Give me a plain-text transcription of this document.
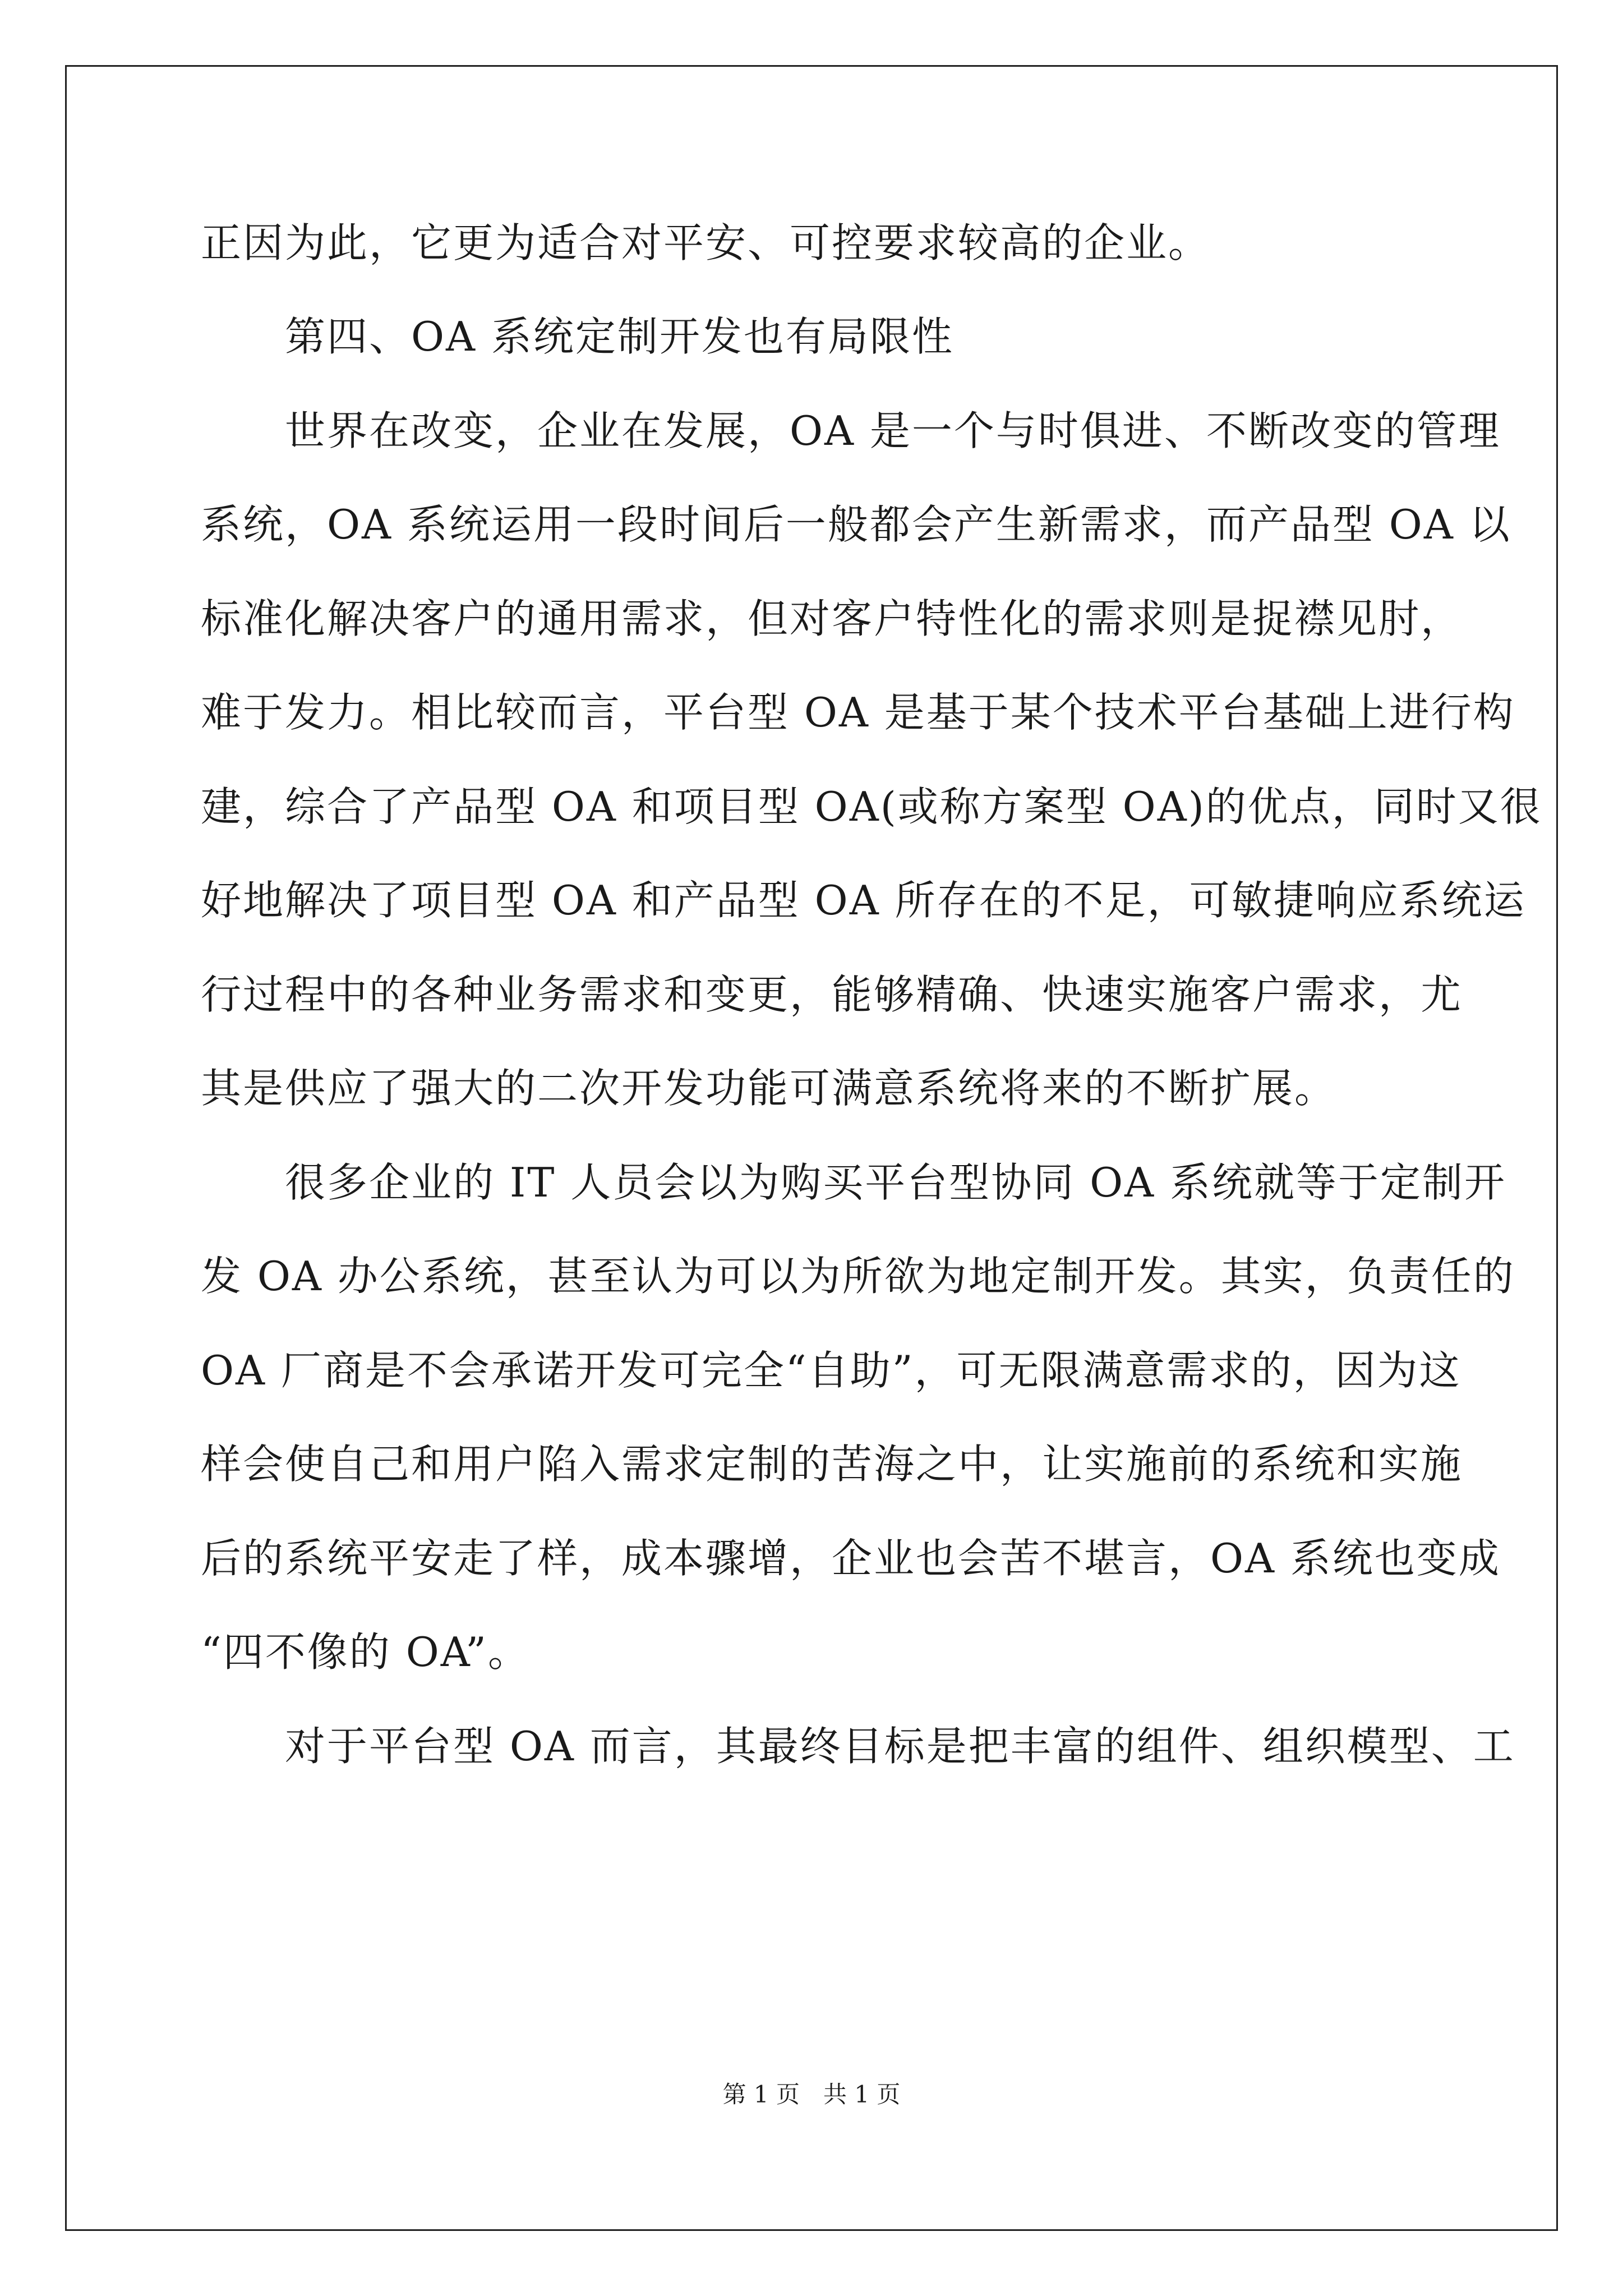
正因为此，它更为适合对平安、可控要求较高的企业。
　　第四、OA 系统定制开发也有局限性
　　世界在改变，企业在发展，OA 是一个与时俱进、不断改变的管理
系统，OA 系统运用一段时间后一般都会产生新需求，而产品型 OA 以
标准化解决客户的通用需求，但对客户特性化的需求则是捉襟见肘，
难于发力。相比较而言，平台型 OA 是基于某个技术平台基础上进行构
建，综合了产品型 OA 和项目型 OA(或称方案型 OA)的优点，同时又很
好地解决了项目型 OA 和产品型 OA 所存在的不足，可敏捷响应系统运
行过程中的各种业务需求和变更，能够精确、快速实施客户需求，尤
其是供应了强大的二次开发功能可满意系统将来的不断扩展。
　　很多企业的 IT 人员会以为购买平台型协同 OA 系统就等于定制开
发 OA 办公系统，甚至认为可以为所欲为地定制开发。其实，负责任的
OA 厂商是不会承诺开发可完全“自助”，可无限满意需求的，因为这
样会使自己和用户陷入需求定制的苦海之中，让实施前的系统和实施
后的系统平安走了样，成本骤增，企业也会苦不堪言，OA 系统也变成
“四不像的 OA”。
　　对于平台型 OA 而言，其最终目标是把丰富的组件、组织模型、工
第 1 页　共 1 页
